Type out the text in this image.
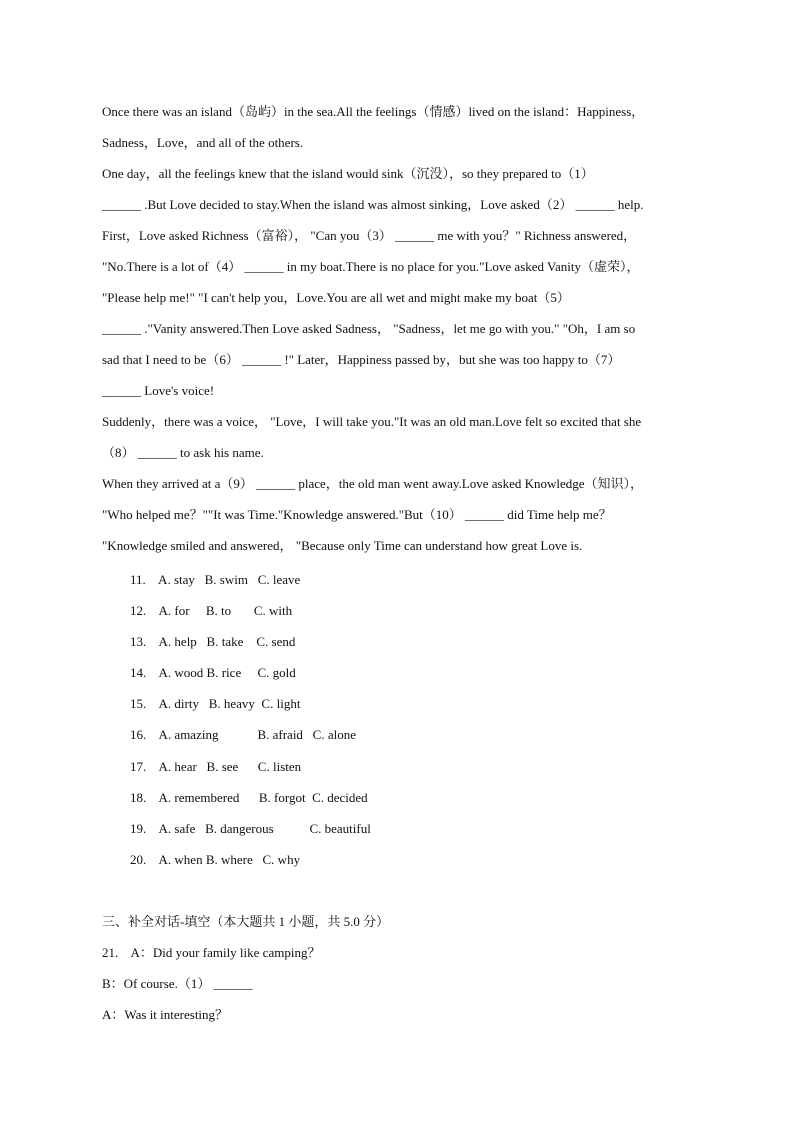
Once there was an island（岛屿）in the sea.All the feelings（情感）lived on the island：Happiness，
Sadness，Love，and all of the others.
One day，all the feelings knew that the island would sink（沉没），so they prepared to（1）
______ .But Love decided to stay.When the island was almost sinking，Love asked（2） ______ help.
First，Love asked Richness（富裕）， "Can you（3） ______ me with you？" Richness answered，
"No.There is a lot of（4） ______ in my boat.There is no place for you."Love asked Vanity（虚荣），
"Please help me!" "I can't help you，Love.You are all wet and might make my boat（5）
______ ."Vanity answered.Then Love asked Sadness， "Sadness，let me go with you." "Oh，I am so
sad that I need to be（6） ______ !" Later，Happiness passed by，but she was too happy to（7）
______ Love's voice!
Suddenly，there was a voice， "Love，I will take you."It was an old man.Love felt so excited that she
（8） ______ to ask his name.
When they arrived at a（9） ______ place，the old man went away.Love asked Knowledge（知识），
"Who helped me？""It was Time."Knowledge answered."But（10） ______ did Time help me？
"Knowledge smiled and answered， "Because only Time can understand how great Love is.
11.    A. stay   B. swim   C. leave
12.    A. for     B. to       C. with
13.    A. help   B. take    C. send
14.    A. wood B. rice     C. gold
15.    A. dirty   B. heavy  C. light
16.    A. amazing            B. afraid   C. alone
17.    A. hear   B. see      C. listen
18.    A. remembered      B. forgot  C. decided
19.    A. safe   B. dangerous           C. beautiful
20.    A. when B. where   C. why
三、补全对话-填空（本大题共 1 小题，共 5.0 分）
21.    A：Did your family like camping？
B：Of course.（1） ______
A：Was it interesting？
